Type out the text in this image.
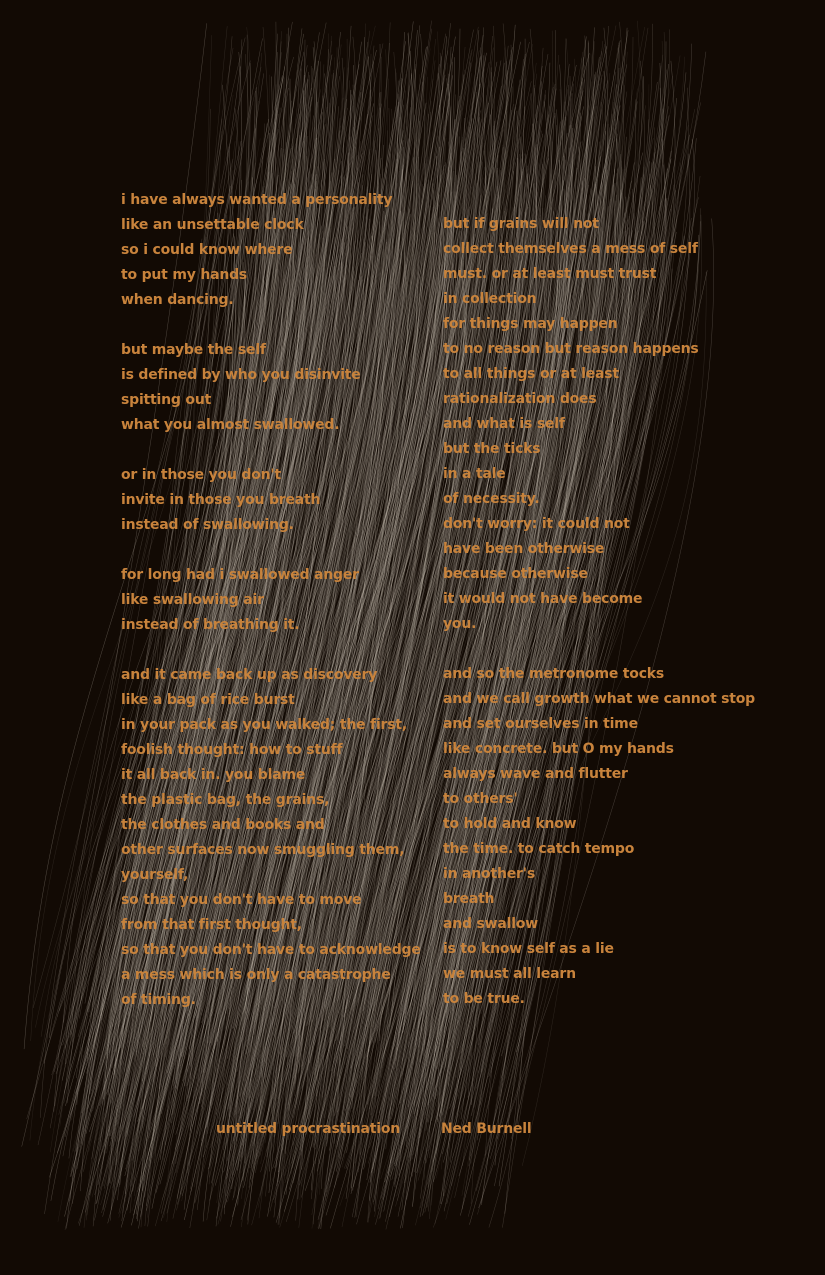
i have always wanted a personality
like an unsettable clock
so i could know where
to put my hands
when dancing.
but maybe the self
is defined by who you disinvite
spitting out
what you almost swallowed.
or in those you don't
invite in those you breath
instead of swallowing.
for long had i swallowed anger
like swallowing air
instead of breathing it.
and it came back up as discovery
like a bag of rice burst
in your pack as you walked; the first,
foolish thought: how to stuff
it all back in. you blame
the plastic bag, the grains,
the clothes and books and
other surfaces now smuggling them,
yourself,
so that you don't have to move
from that first thought,
so that you don't have to acknowledge
a mess which is only a catastrophe
of timing.
but if grains will not
collect themselves a mess of self
must. or at least must trust
in collection
for things may happen
to no reason but reason happens
to all things or at least
rationalization does
and what is self
but the ticks
in a tale
of necessity.
don't worry: it could not
have been otherwise
because otherwise
it would not have become
you.
and so the metronome tocks
and we call growth what we cannot stop
and set ourselves in time
like concrete. but O my hands
always wave and flutter
to others'
to hold and know
the time. to catch tempo
in another's
breath
and swallow
is to know self as a lie
we must all learn
to be true.
untitled procrastination	Ned Burnell
